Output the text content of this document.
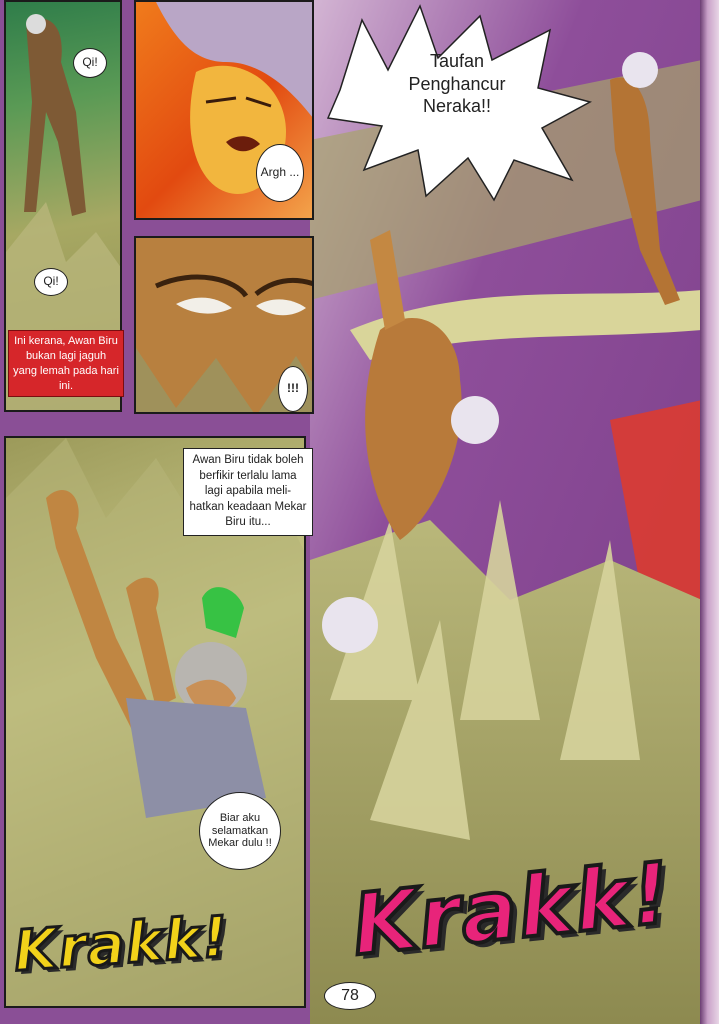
Qi!
Qi!
Ini kerana, Awan Biru bukan lagi jaguh yang lemah pada hari ini.
Argh ...
!!!
Biar aku selamatkan Mekar dulu !!
Awan Biru tidak boleh berfikir terlalu lama lagi apabila meli-hatkan keadaan Mekar Biru itu...
Taufan Penghancur Neraka!!
Krakk! Krakk!
78
